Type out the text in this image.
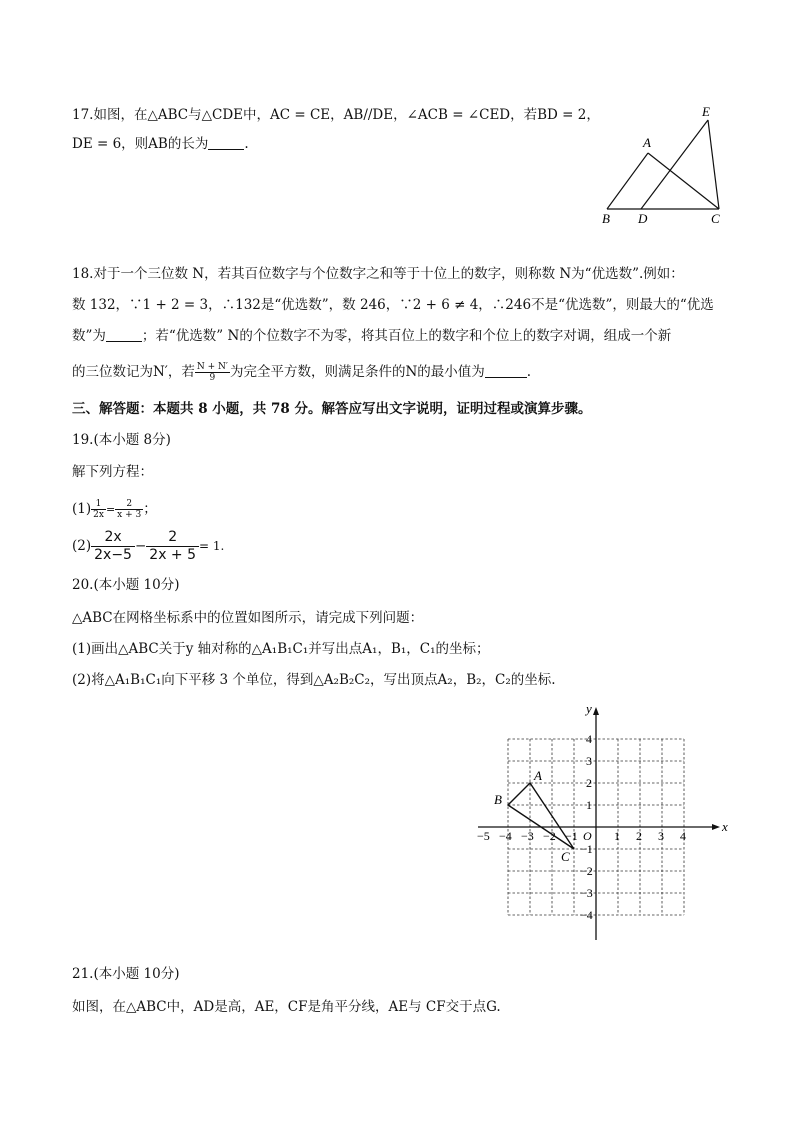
17.如图，在△ABC与△CDE中，AC = CE，AB//DE，∠ACB = ∠CED，若BD = 2，
DE = 6，则AB的长为	.	A
B D	C
E
18.对于一个三位数 N，若其百位数字与个位数字之和等于十位上的数字，则称数 N为“优选数”.例如：
数 132，∵1 + 2 = 3，∴132是“优选数”，数 246，∵2 + 6 ≠ 4，∴246不是“优选数”，则最大的“优选
数”为	；若“优选数” N的个位数字不为零，将其百位上的数字和个位上的数字对调，组成一个新
的三位数记为N′，若 $\frac{N + N'}{9}$ 为完全平方数，则满足条件的N的最小值为	.
三、解答题：本题共 8 小题，共 78 分。解答应写出文字说明，证明过程或演算步骤。
19.(本小题 8分)
解下列方程：
$(1) \frac{1}{2x} = \frac{2}{x + 3}$ ；
$(2) \frac{2x}{2x-5} - \frac{2}{2x + 5} = 1$.
20.(本小题 10分)
△ABC在网格坐标系中的位置如图所示，请完成下列问题：
(1)画出△ABC关于y 轴对称的△A₁B₁C₁并写出点A₁，B₁，C₁的坐标；
(2)将△A₁B₁C₁向下平移 3 个单位，得到△A₂B₂C₂，写出顶点A₂，B₂，C₂的坐标.
x
y
O
−5 −4 −3 −2 −1	1 2 3 4
4
3
2
1
−1
−2
−3
−4
A
B
C
21.(本小题 10分)
如图，在△ABC中，AD是高，AE，CF是角平分线，AE与 CF交于点G.
